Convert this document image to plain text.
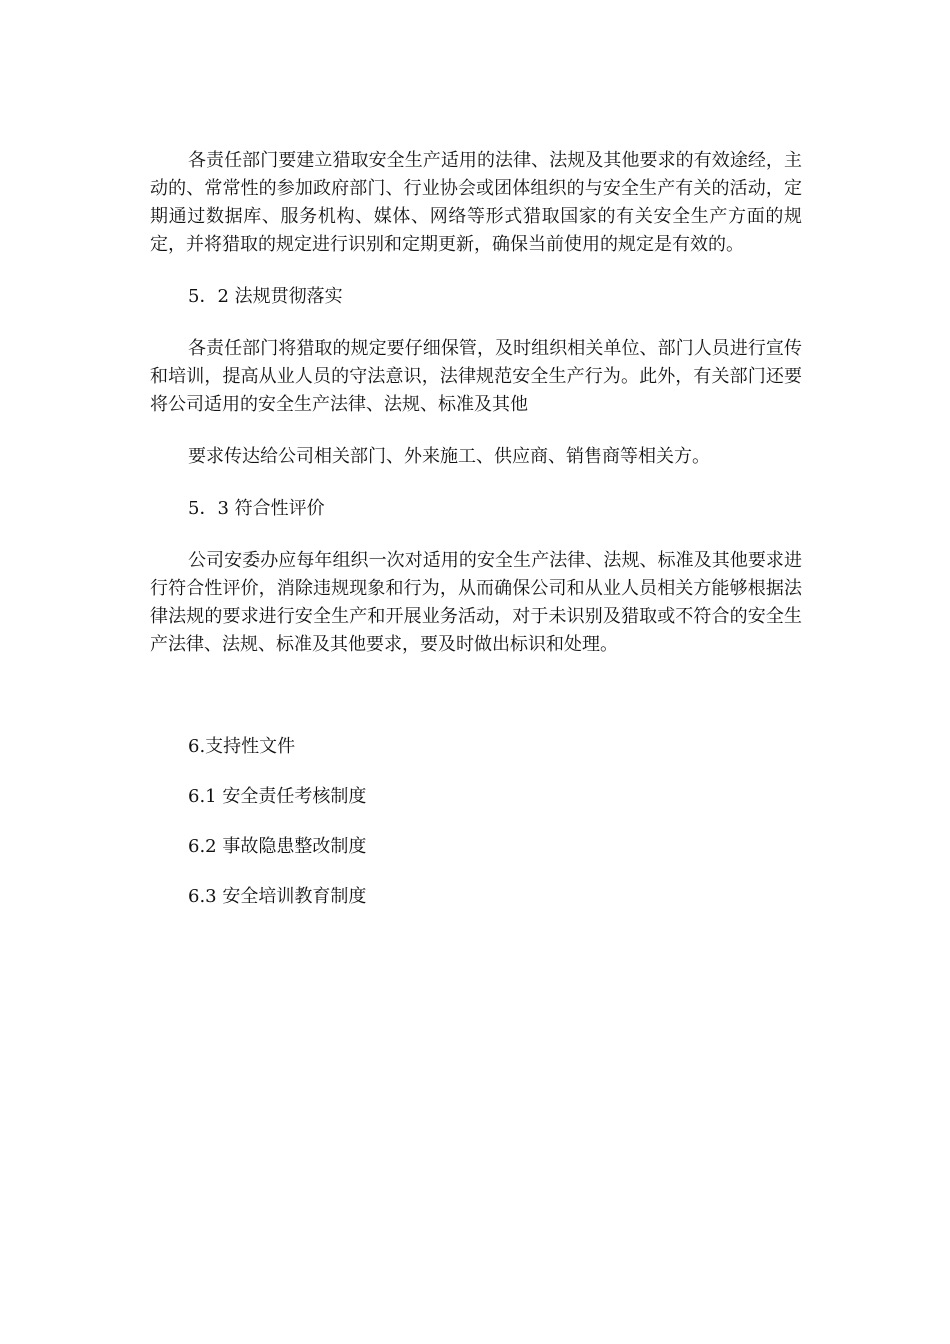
各责任部门要建立猎取安全生产适用的法律、法规及其他要求的有效途经，主动的、常常性的参加政府部门、行业协会或团体组织的与安全生产有关的活动，定期通过数据库、服务机构、媒体、网络等形式猎取国家的有关安全生产方面的规定，并将猎取的规定进行识别和定期更新，确保当前使用的规定是有效的。

5．2 法规贯彻落实

各责任部门将猎取的规定要仔细保管，及时组织相关单位、部门人员进行宣传和培训，提高从业人员的守法意识，法律规范安全生产行为。此外，有关部门还要将公司适用的安全生产法律、法规、标准及其他

要求传达给公司相关部门、外来施工、供应商、销售商等相关方。

5．3 符合性评价

公司安委办应每年组织一次对适用的安全生产法律、法规、标准及其他要求进行符合性评价，消除违规现象和行为，从而确保公司和从业人员相关方能够根据法律法规的要求进行安全生产和开展业务活动，对于未识别及猎取或不符合的安全生产法律、法规、标准及其他要求，要及时做出标识和处理。

6.支持性文件

6.1 安全责任考核制度

6.2 事故隐患整改制度

6.3 安全培训教育制度
